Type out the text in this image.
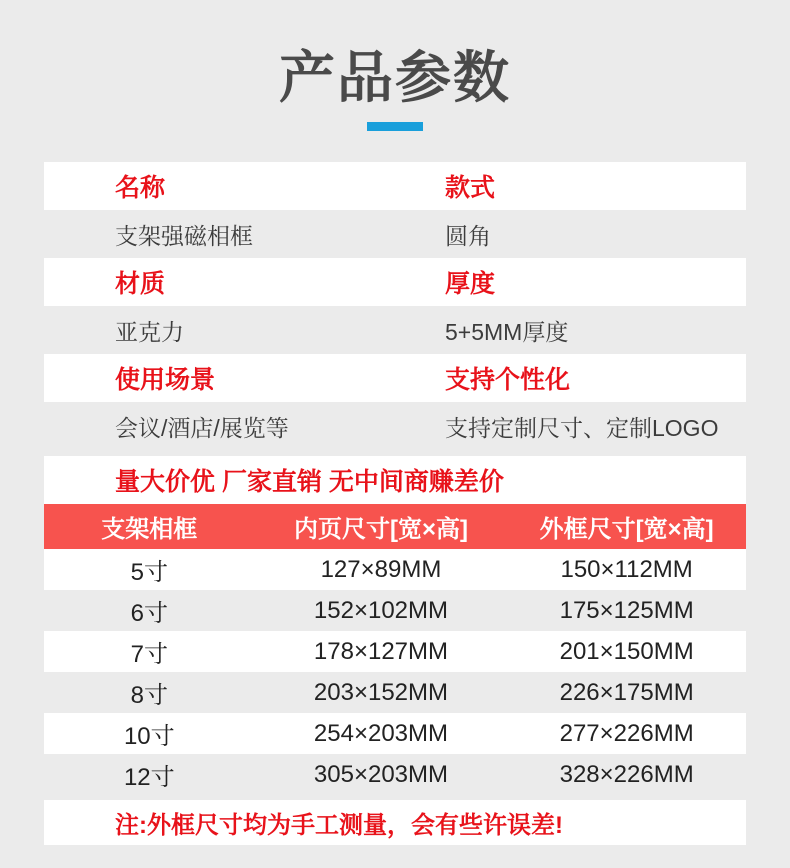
产品参数
名称	款式
支架强磁相框	圆角
材质	厚度
亚克力	5+5MM厚度
使用场景	支持个性化
会议/酒店/展览等	支持定制尺寸、定制LOGO
量大价优 厂家直销 无中间商赚差价
支架相框	内页尺寸[宽×高]	外框尺寸[宽×高]
5寸	127×89MM	150×112MM
6寸	152×102MM	175×125MM
7寸	178×127MM	201×150MM
8寸	203×152MM	226×175MM
10寸	254×203MM	277×226MM
12寸	305×203MM	328×226MM
注:外框尺寸均为手工测量，会有些许误差!
